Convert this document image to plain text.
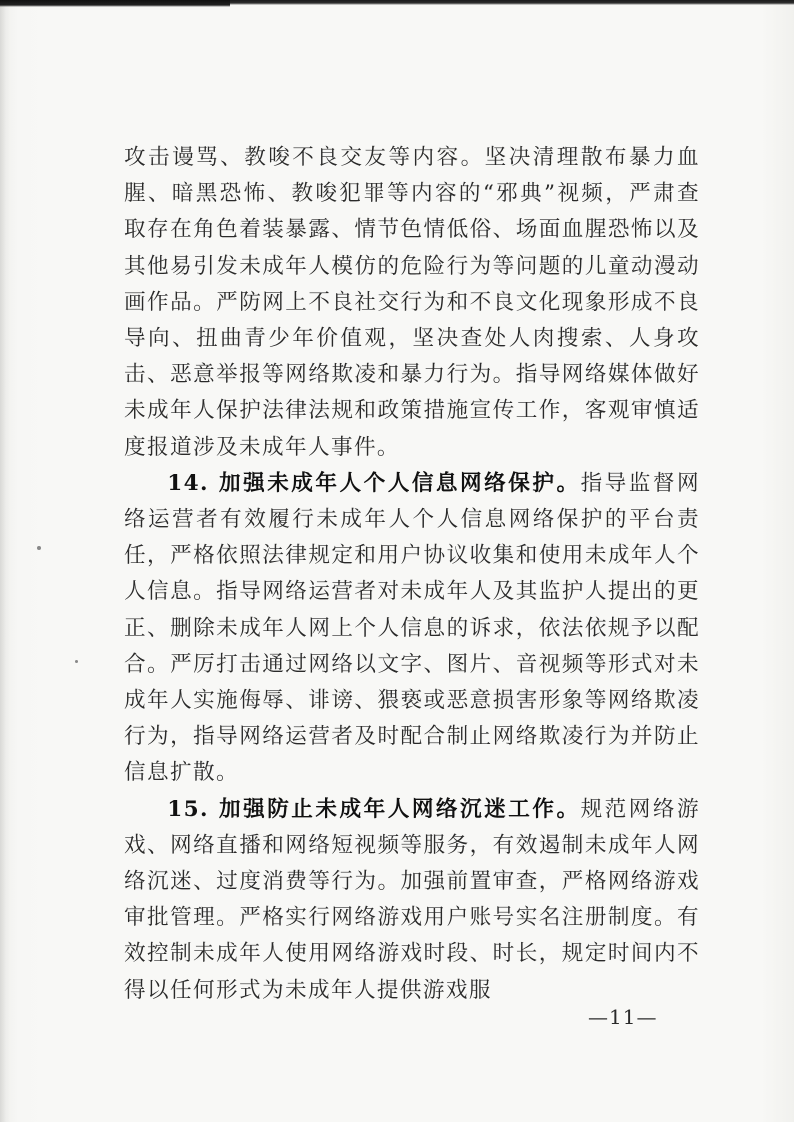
攻击谩骂、教唆不良交友等内容。坚决清理散布暴力血腥、暗黑恐怖、教唆犯罪等内容的“邪典”视频，严肃查取存在角色着装暴露、情节色情低俗、场面血腥恐怖以及其他易引发未成年人模仿的危险行为等问题的儿童动漫动画作品。严防网上不良社交行为和不良文化现象形成不良导向、扭曲青少年价值观，坚决查处人肉搜索、人身攻击、恶意举报等网络欺凌和暴力行为。指导网络媒体做好未成年人保护法律法规和政策措施宣传工作，客观审慎适度报道涉及未成年人事件。

14. 加强未成年人个人信息网络保护。指导监督网络运营者有效履行未成年人个人信息网络保护的平台责任，严格依照法律规定和用户协议收集和使用未成年人个人信息。指导网络运营者对未成年人及其监护人提出的更正、删除未成年人网上个人信息的诉求，依法依规予以配合。严厉打击通过网络以文字、图片、音视频等形式对未成年人实施侮辱、诽谤、猥亵或恶意损害形象等网络欺凌行为，指导网络运营者及时配合制止网络欺凌行为并防止信息扩散。

15. 加强防止未成年人网络沉迷工作。规范网络游戏、网络直播和网络短视频等服务，有效遏制未成年人网络沉迷、过度消费等行为。加强前置审查，严格网络游戏审批管理。严格实行网络游戏用户账号实名注册制度。有效控制未成年人使用网络游戏时段、时长，规定时间内不得以任何形式为未成年人提供游戏服

—11—
